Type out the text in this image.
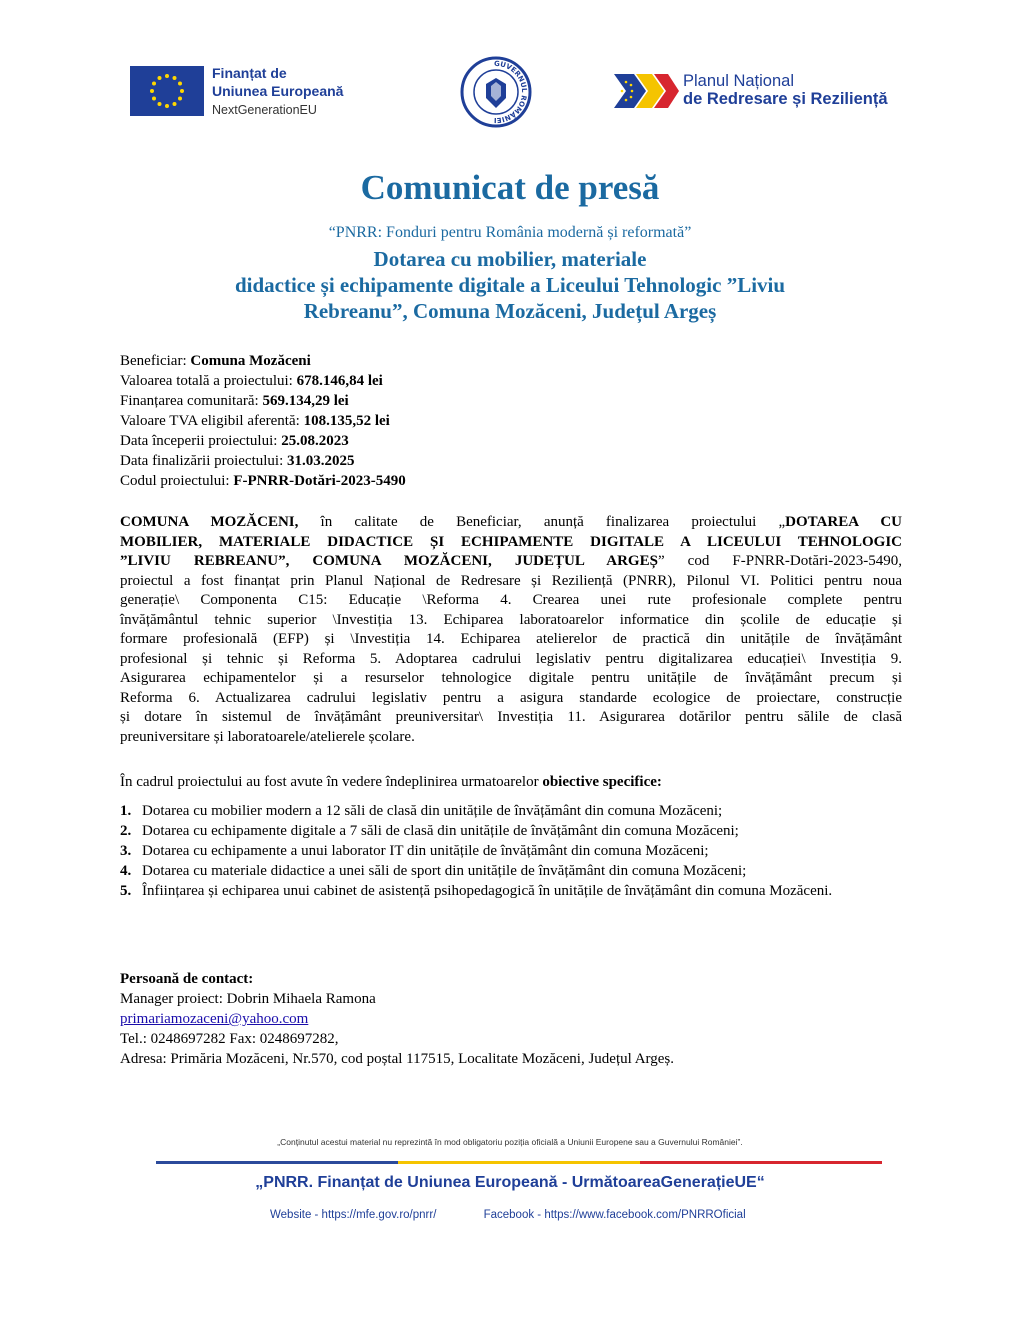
Finanțat de
Uniunea Europeană
NextGenerationEU
GUVERNUL ROMÂNIEI
Planul Național
de Redresare și Reziliență
Comunicat de presă
“PNRR: Fonduri pentru România modernă și reformată”
Dotarea cu mobilier, materiale
didactice și echipamente digitale a Liceului Tehnologic ”Liviu
Rebreanu”, Comuna Mozăceni, Județul Argeș
Beneficiar: Comuna Mozăceni
Valoarea totală a proiectului: 678.146,84 lei
Finanțarea comunitară: 569.134,29 lei
Valoare TVA eligibil aferentă: 108.135,52 lei
Data începerii proiectului: 25.08.2023
Data finalizării proiectului: 31.03.2025
Codul proiectului: F-PNRR-Dotări-2023-5490
COMUNA MOZĂCENI, în calitate de Beneficiar, anunță finalizarea proiectului „DOTAREA CU
MOBILIER, MATERIALE DIDACTICE ȘI ECHIPAMENTE DIGITALE A LICEULUI TEHNOLOGIC
”LIVIU REBREANU”, COMUNA MOZĂCENI, JUDEȚUL ARGEȘ” cod F-PNRR-Dotări-2023-5490,
proiectul a fost finanțat prin Planul Național de Redresare și Reziliență (PNRR), Pilonul VI. Politici pentru noua
generație\ Componenta C15: Educație \Reforma 4. Crearea unei rute profesionale complete pentru
învățământul tehnic superior \Investiția 13. Echiparea laboratoarelor informatice din școlile de educație și
formare profesională (EFP) și \Investiția 14. Echiparea atelierelor de practică din unitățile de învățământ
profesional și tehnic și Reforma 5. Adoptarea cadrului legislativ pentru digitalizarea educației\ Investiția 9.
Asigurarea echipamentelor și a resurselor tehnologice digitale pentru unitățile de învățământ precum și
Reforma 6. Actualizarea cadrului legislativ pentru a asigura standarde ecologice de proiectare, construcție
și dotare în sistemul de învățământ preuniversitar\ Investiția 11. Asigurarea dotărilor pentru sălile de clasă
preuniversitare și laboratoarele/atelierele școlare.
În cadrul proiectului au fost avute în vedere îndeplinirea urmatoarelor obiective specifice:
1. Dotarea cu mobilier modern a 12 săli de clasă din unitățile de învățământ din comuna Mozăceni;
2. Dotarea cu echipamente digitale a 7 săli de clasă din unitățile de învățământ din comuna Mozăceni;
3. Dotarea cu echipamente a unui laborator IT din unitățile de învățământ din comuna Mozăceni;
4. Dotarea cu materiale didactice a unei săli de sport din unitățile de învățământ din comuna Mozăceni;
5. Înființarea și echiparea unui cabinet de asistență psihopedagogică în unitățile de învățământ din comuna Mozăceni.
Persoană de contact:
Manager proiect: Dobrin Mihaela Ramona
primariamozaceni@yahoo.com
Tel.: 0248697282 Fax: 0248697282,
Adresa: Primăria Mozăceni, Nr.570, cod poștal 117515, Localitate Mozăceni, Județul Argeș.
„Conținutul acestui material nu reprezintă în mod obligatoriu poziția oficială a Uniunii Europene sau a Guvernului României”.
„PNRR. Finanțat de Uniunea Europeană - UrmătoareaGenerațieUE“
Website - https://mfe.gov.ro/pnrr/	Facebook - https://www.facebook.com/PNRROficial
